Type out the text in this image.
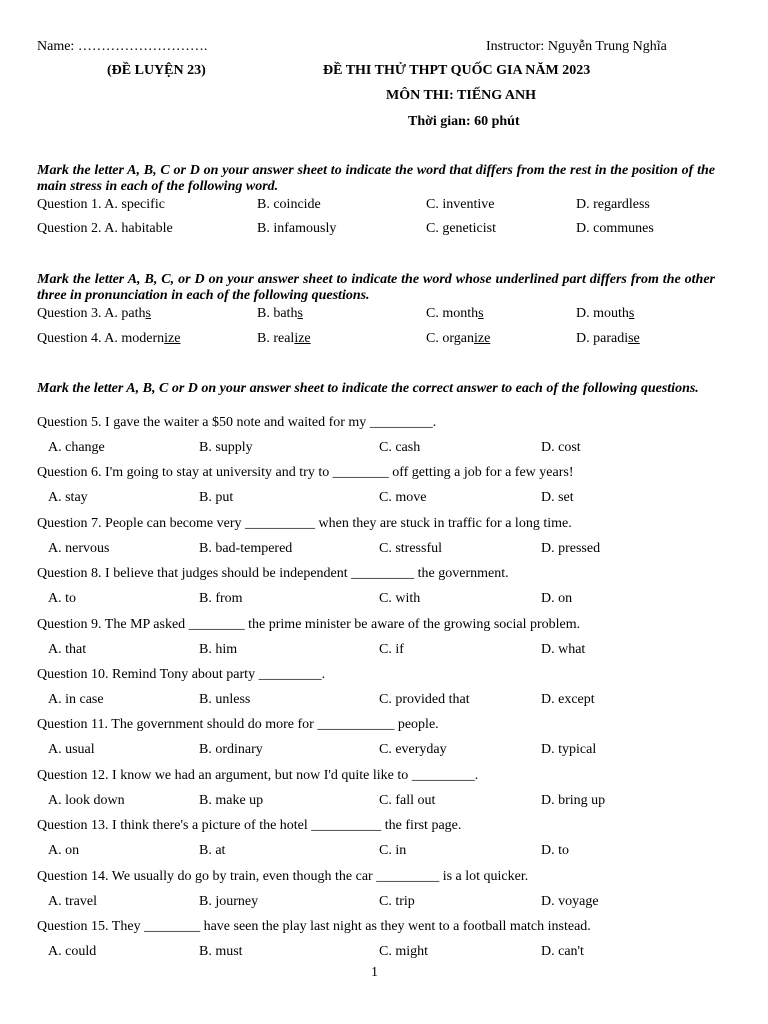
Name: ……………………….	Instructor: Nguyễn Trung Nghĩa
(ĐỀ LUYỆN 23)	ĐỀ THI THỬ THPT QUỐC GIA NĂM 2023
MÔN THI: TIẾNG ANH
Thời gian: 60 phút
Mark the letter A, B, C or D on your answer sheet to indicate the word that differs from the rest in the position of the main stress in each of the following word.
Question 1. A. specific	B. coincide	C. inventive	D. regardless
Question 2. A. habitable	B. infamously	C. geneticist	D. communes
Mark the letter A, B, C, or D on your answer sheet to indicate the word whose underlined part differs from the other three in pronunciation in each of the following questions.
Question 3. A. paths	B. baths	C. months	D. mouths
Question 4. A. modernize	B. realize	C. organize	D. paradise
Mark the letter A, B, C or D on your answer sheet to indicate the correct answer to each of the following questions.
Question 5. I gave the waiter a $50 note and waited for my _________.
A. change	B. supply	C. cash	D. cost
Question 6. I'm going to stay at university and try to ________ off getting a job for a few years!
A. stay	B. put	C. move	D. set
Question 7. People can become very __________ when they are stuck in traffic for a long time.
A. nervous	B. bad-tempered	C. stressful	D. pressed
Question 8. I believe that judges should be independent _________ the government.
A. to	B. from	C. with	D. on
Question 9. The MP asked ________ the prime minister be aware of the growing social problem.
A. that	B. him	C. if	D. what
Question 10. Remind Tony about party _________.
A. in case	B. unless	C. provided that	D. except
Question 11. The government should do more for ___________ people.
A. usual	B. ordinary	C. everyday	D. typical
Question 12. I know we had an argument, but now I'd quite like to _________.
A. look down	B. make up	C. fall out	D. bring up
Question 13. I think there's a picture of the hotel __________ the first page.
A. on	B. at	C. in	D. to
Question 14. We usually do go by train, even though the car _________ is a lot quicker.
A. travel	B. journey	C. trip	D. voyage
Question 15. They ________ have seen the play last night as they went to a football match instead.
A. could	B. must	C. might	D. can't
1
